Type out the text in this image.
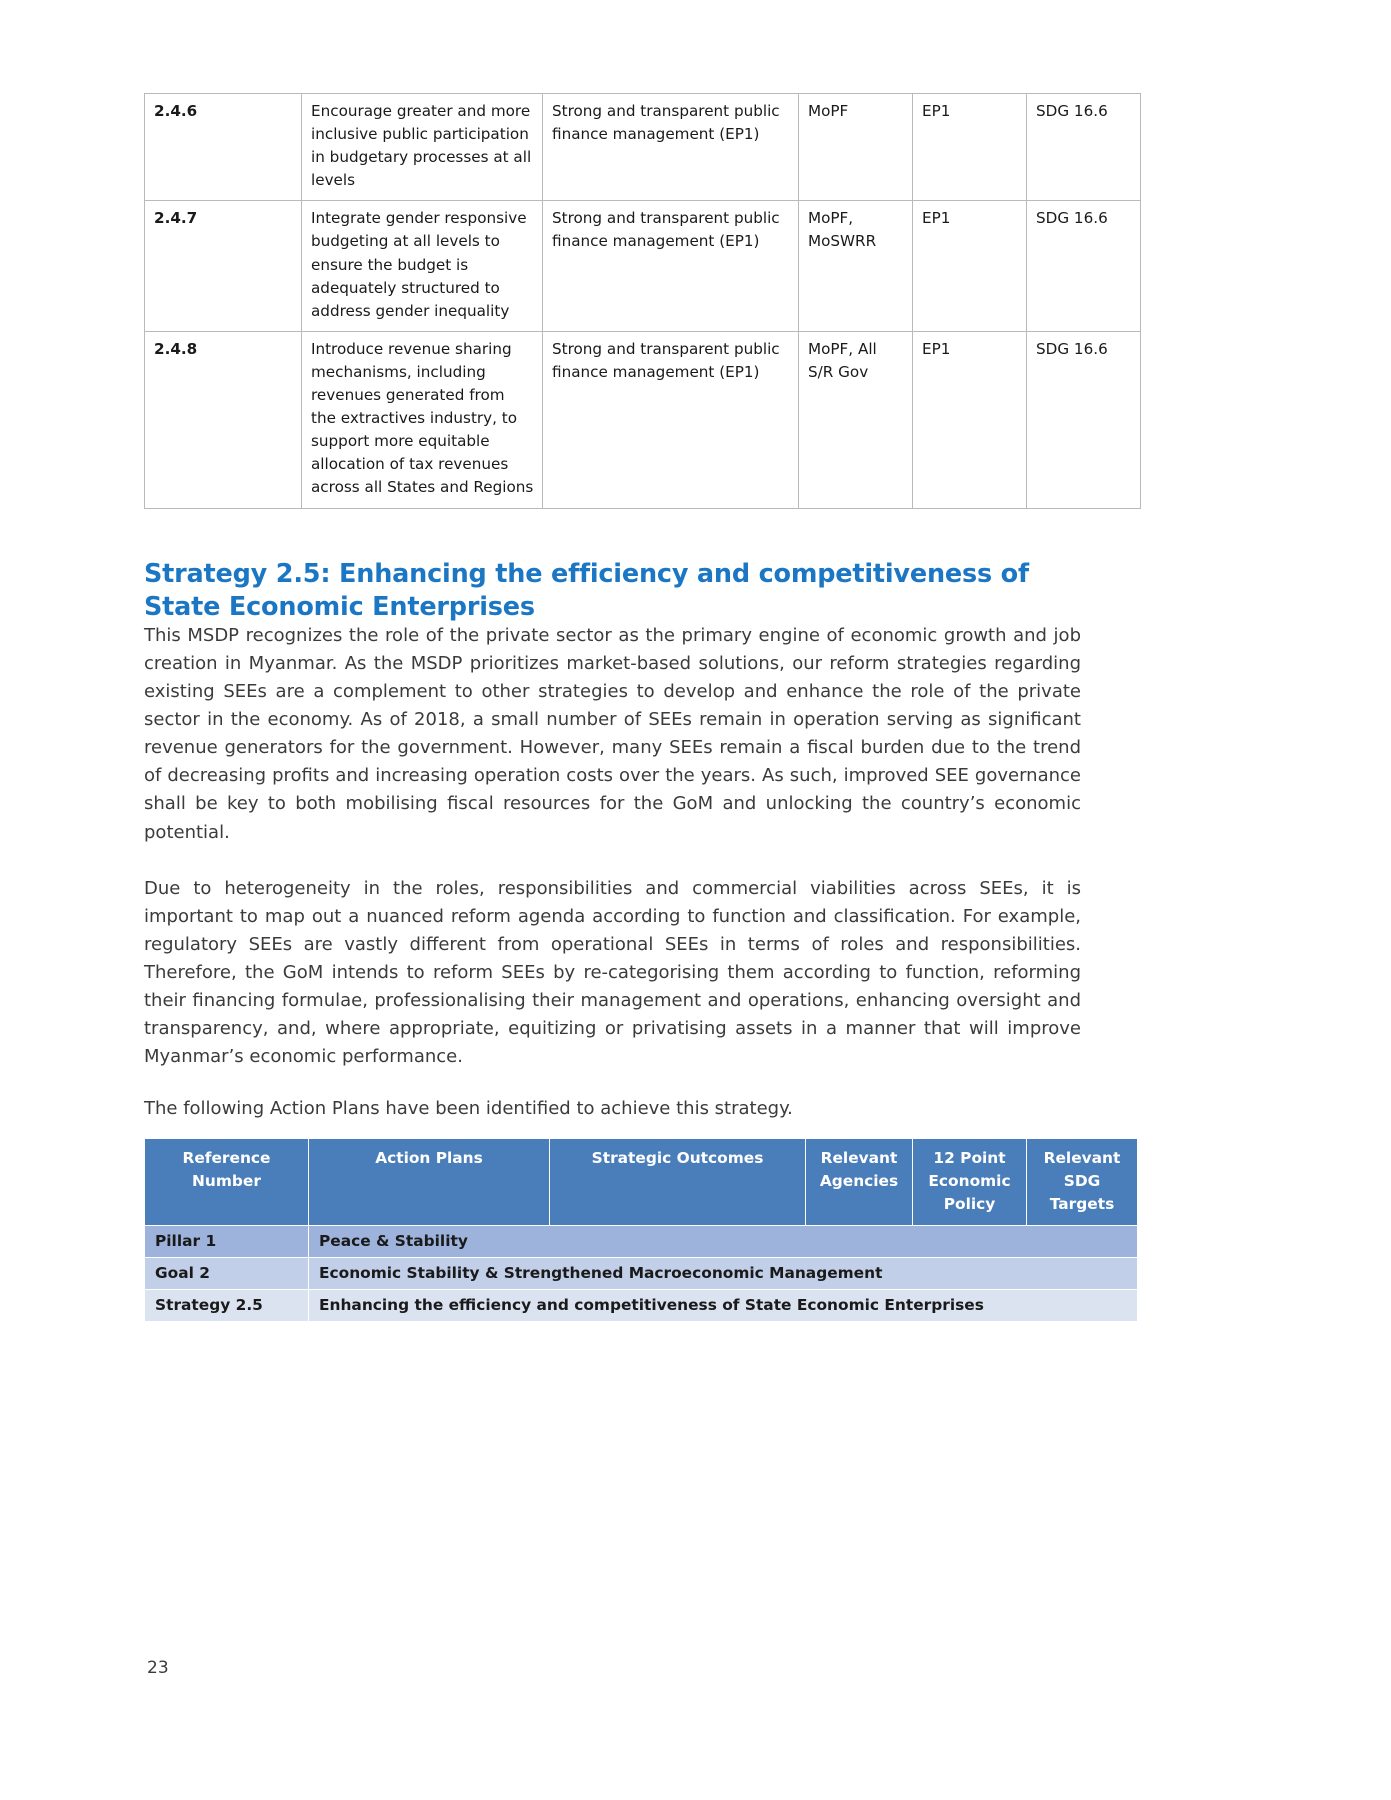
2.4.6	Encourage greater and more inclusive public participation in budgetary processes at all levels	Strong and transparent public finance management (EP1)	MoPF	EP1	SDG 16.6
2.4.7	Integrate gender responsive budgeting at all levels to ensure the budget is adequately structured to address gender inequality	Strong and transparent public finance management (EP1)	MoPF, MoSWRR	EP1	SDG 16.6
2.4.8	Introduce revenue sharing mechanisms, including revenues generated from the extractives industry, to support more equitable allocation of tax revenues across all States and Regions	Strong and transparent public finance management (EP1)	MoPF, All S/R Gov	EP1	SDG 16.6
Strategy 2.5: Enhancing the efficiency and competitiveness of State Economic Enterprises

This MSDP recognizes the role of the private sector as the primary engine of economic growth and job creation in Myanmar. As the MSDP prioritizes market-based solutions, our reform strategies regarding existing SEEs are a complement to other strategies to develop and enhance the role of the private sector in the economy. As of 2018, a small number of SEEs remain in operation serving as significant revenue generators for the government. However, many SEEs remain a fiscal burden due to the trend of decreasing profits and increasing operation costs over the years. As such, improved SEE governance shall be key to both mobilising fiscal resources for the GoM and unlocking the country’s economic potential.

Due to heterogeneity in the roles, responsibilities and commercial viabilities across SEEs, it is important to map out a nuanced reform agenda according to function and classification. For example, regulatory SEEs are vastly different from operational SEEs in terms of roles and responsibilities. Therefore, the GoM intends to reform SEEs by re-categorising them according to function, reforming their financing formulae, professionalising their management and operations, enhancing oversight and transparency, and, where appropriate, equitizing or privatising assets in a manner that will improve Myanmar’s economic performance.

The following Action Plans have been identified to achieve this strategy.

Reference Number	Action Plans	Strategic Outcomes	Relevant Agencies	12 Point Economic Policy	Relevant SDG Targets
Pillar 1	Peace & Stability				
Goal 2	Economic Stability & Strengthened Macroeconomic Management				
Strategy 2.5	Enhancing the efficiency and competitiveness of State Economic Enterprises				
23
